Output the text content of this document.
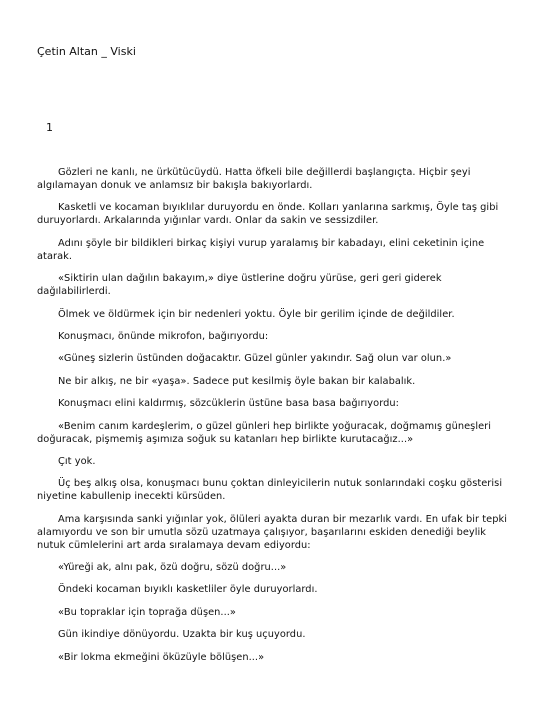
Çetin Altan _ Viski
1

Gözleri ne kanlı, ne ürkütücüydü. Hatta öfkeli bile değillerdi başlangıçta. Hiçbir şeyi algılamayan donuk ve anlamsız bir bakışla bakıyorlardı.

Kasketli ve kocaman bıyıklılar duruyordu en önde. Kolları yanlarına sarkmış, Öyle taş gibi duruyorlardı. Arkalarında yığınlar vardı. Onlar da sakin ve sessizdiler.

Adını şöyle bir bildikleri birkaç kişiyi vurup yaralamış bir kabadayı, elini ceketinin içine atarak.

«Siktirin ulan dağılın bakayım,» diye üstlerine doğru yürüse, geri geri giderek dağılabilirlerdi.

Ölmek ve öldürmek için bir nedenleri yoktu. Öyle bir gerilim içinde de değildiler.

Konuşmacı, önünde mikrofon, bağırıyordu:

«Güneş sizlerin üstünden doğacaktır. Güzel günler yakındır. Sağ olun var olun.»

Ne bir alkış, ne bir «yaşa». Sadece put kesilmiş öyle bakan bir kalabalık.

Konuşmacı elini kaldırmış, sözcüklerin üstüne basa basa bağırıyordu:

«Benim canım kardeşlerim, o güzel günleri hep birlikte yoğuracak, doğmamış güneşleri doğuracak, pişmemiş aşımıza soğuk su katanları hep birlikte kurutacağız...»

Çıt yok.

Üç beş alkış olsa, konuşmacı bunu çoktan dinleyicilerin nutuk sonlarındaki coşku gösterisi niyetine kabullenip inecekti kürsüden.

Ama karşısında sanki yığınlar yok, ölüleri ayakta duran bir mezarlık vardı. En ufak bir tepki alamıyordu ve son bir umutla sözü uzatmaya çalışıyor, başarılarını eskiden denediği beylik nutuk cümlelerini art arda sıralamaya devam ediyordu:

«Yüreği ak, alnı pak, özü doğru, sözü doğru...»

Öndeki kocaman bıyıklı kasketliler öyle duruyorlardı.

«Bu topraklar için toprağa düşen...»

Gün ikindiye dönüyordu. Uzakta bir kuş uçuyordu.

«Bir lokma ekmeğini öküzüyle bölüşen...»
